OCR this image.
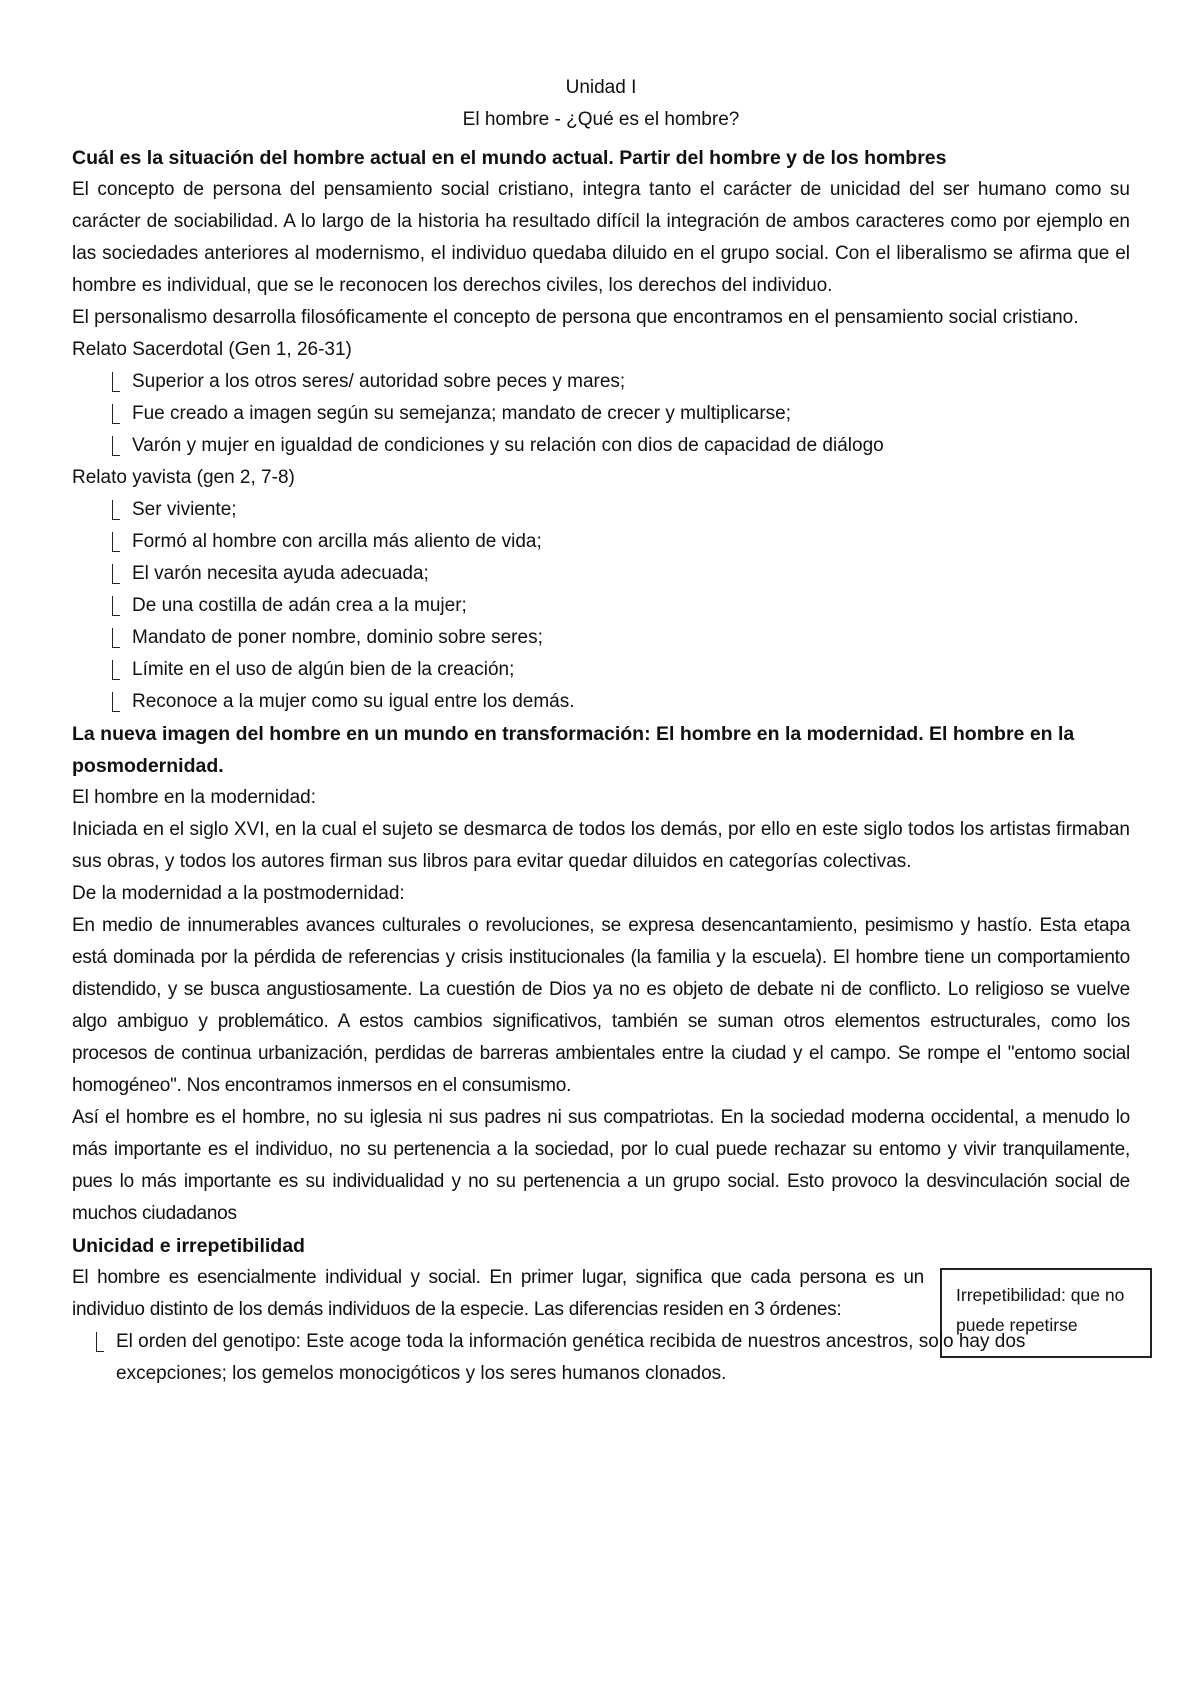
Unidad I

El hombre - ¿Qué es el hombre?

Cuál es la situación del hombre actual en el mundo actual. Partir del hombre y de los hombres

El concepto de persona del pensamiento social cristiano, integra tanto el carácter de unicidad del ser humano como su carácter de sociabilidad. A lo largo de la historia ha resultado difícil la integración de ambos caracteres como por ejemplo en las sociedades anteriores al modernismo, el individuo quedaba diluido en el grupo social. Con el liberalismo se afirma que el hombre es individual, que se le reconocen los derechos civiles, los derechos del individuo.

El personalismo desarrolla filosóficamente el concepto de persona que encontramos en el pensamiento social cristiano.

Relato Sacerdotal (Gen 1, 26-31)

Superior a los otros seres/ autoridad sobre peces y mares;
Fue creado a imagen según su semejanza; mandato de crecer y multiplicarse;
Varón y mujer en igualdad de condiciones y su relación con dios de capacidad de diálogo

Relato yavista (gen 2, 7-8)

Ser viviente;
Formó al hombre con arcilla más aliento de vida;
El varón necesita ayuda adecuada;
De una costilla de adán crea a la mujer;
Mandato de poner nombre, dominio sobre seres;
Límite en el uso de algún bien de la creación;
Reconoce a la mujer como su igual entre los demás.
La nueva imagen del hombre en un mundo en transformación: El hombre en la modernidad. El hombre en la posmodernidad.

El hombre en la modernidad:

Iniciada en el siglo XVI, en la cual el sujeto se desmarca de todos los demás, por ello en este siglo todos los artistas firmaban sus obras, y todos los autores firman sus libros para evitar quedar diluidos en categorías colectivas.

De la modernidad a la postmodernidad:

En medio de innumerables avances culturales o revoluciones, se expresa desencantamiento, pesimismo y hastío. Esta etapa está dominada por la pérdida de referencias y crisis institucionales (la familia y la escuela). El hombre tiene un comportamiento distendido, y se busca angustiosamente. La cuestión de Dios ya no es objeto de debate ni de conflicto. Lo religioso se vuelve algo ambiguo y problemático. A estos cambios significativos, también se suman otros elementos estructurales, como los procesos de continua urbanización, perdidas de barreras ambientales entre la ciudad y el campo. Se rompe el "entomo social homogéneo". Nos encontramos inmersos en el consumismo.

Así el hombre es el hombre, no su iglesia ni sus padres ni sus compatriotas. En la sociedad moderna occidental, a menudo lo más importante es el individuo, no su pertenencia a la sociedad, por lo cual puede rechazar su entomo y vivir tranquilamente, pues lo más importante es su individualidad y no su pertenencia a un grupo social. Esto provoco la desvinculación social de muchos ciudadanos

Unicidad e irrepetibilidad

El hombre es esencialmente individual y social. En primer lugar, significa que cada persona es un individuo distinto de los demás individuos de la especie. Las diferencias residen en 3 órdenes:

Irrepetibilidad: que no puede repetirse
El orden del genotipo: Este acoge toda la información genética recibida de nuestros ancestros, solo hay dos excepciones; los gemelos monocigóticos y los seres humanos clonados.
